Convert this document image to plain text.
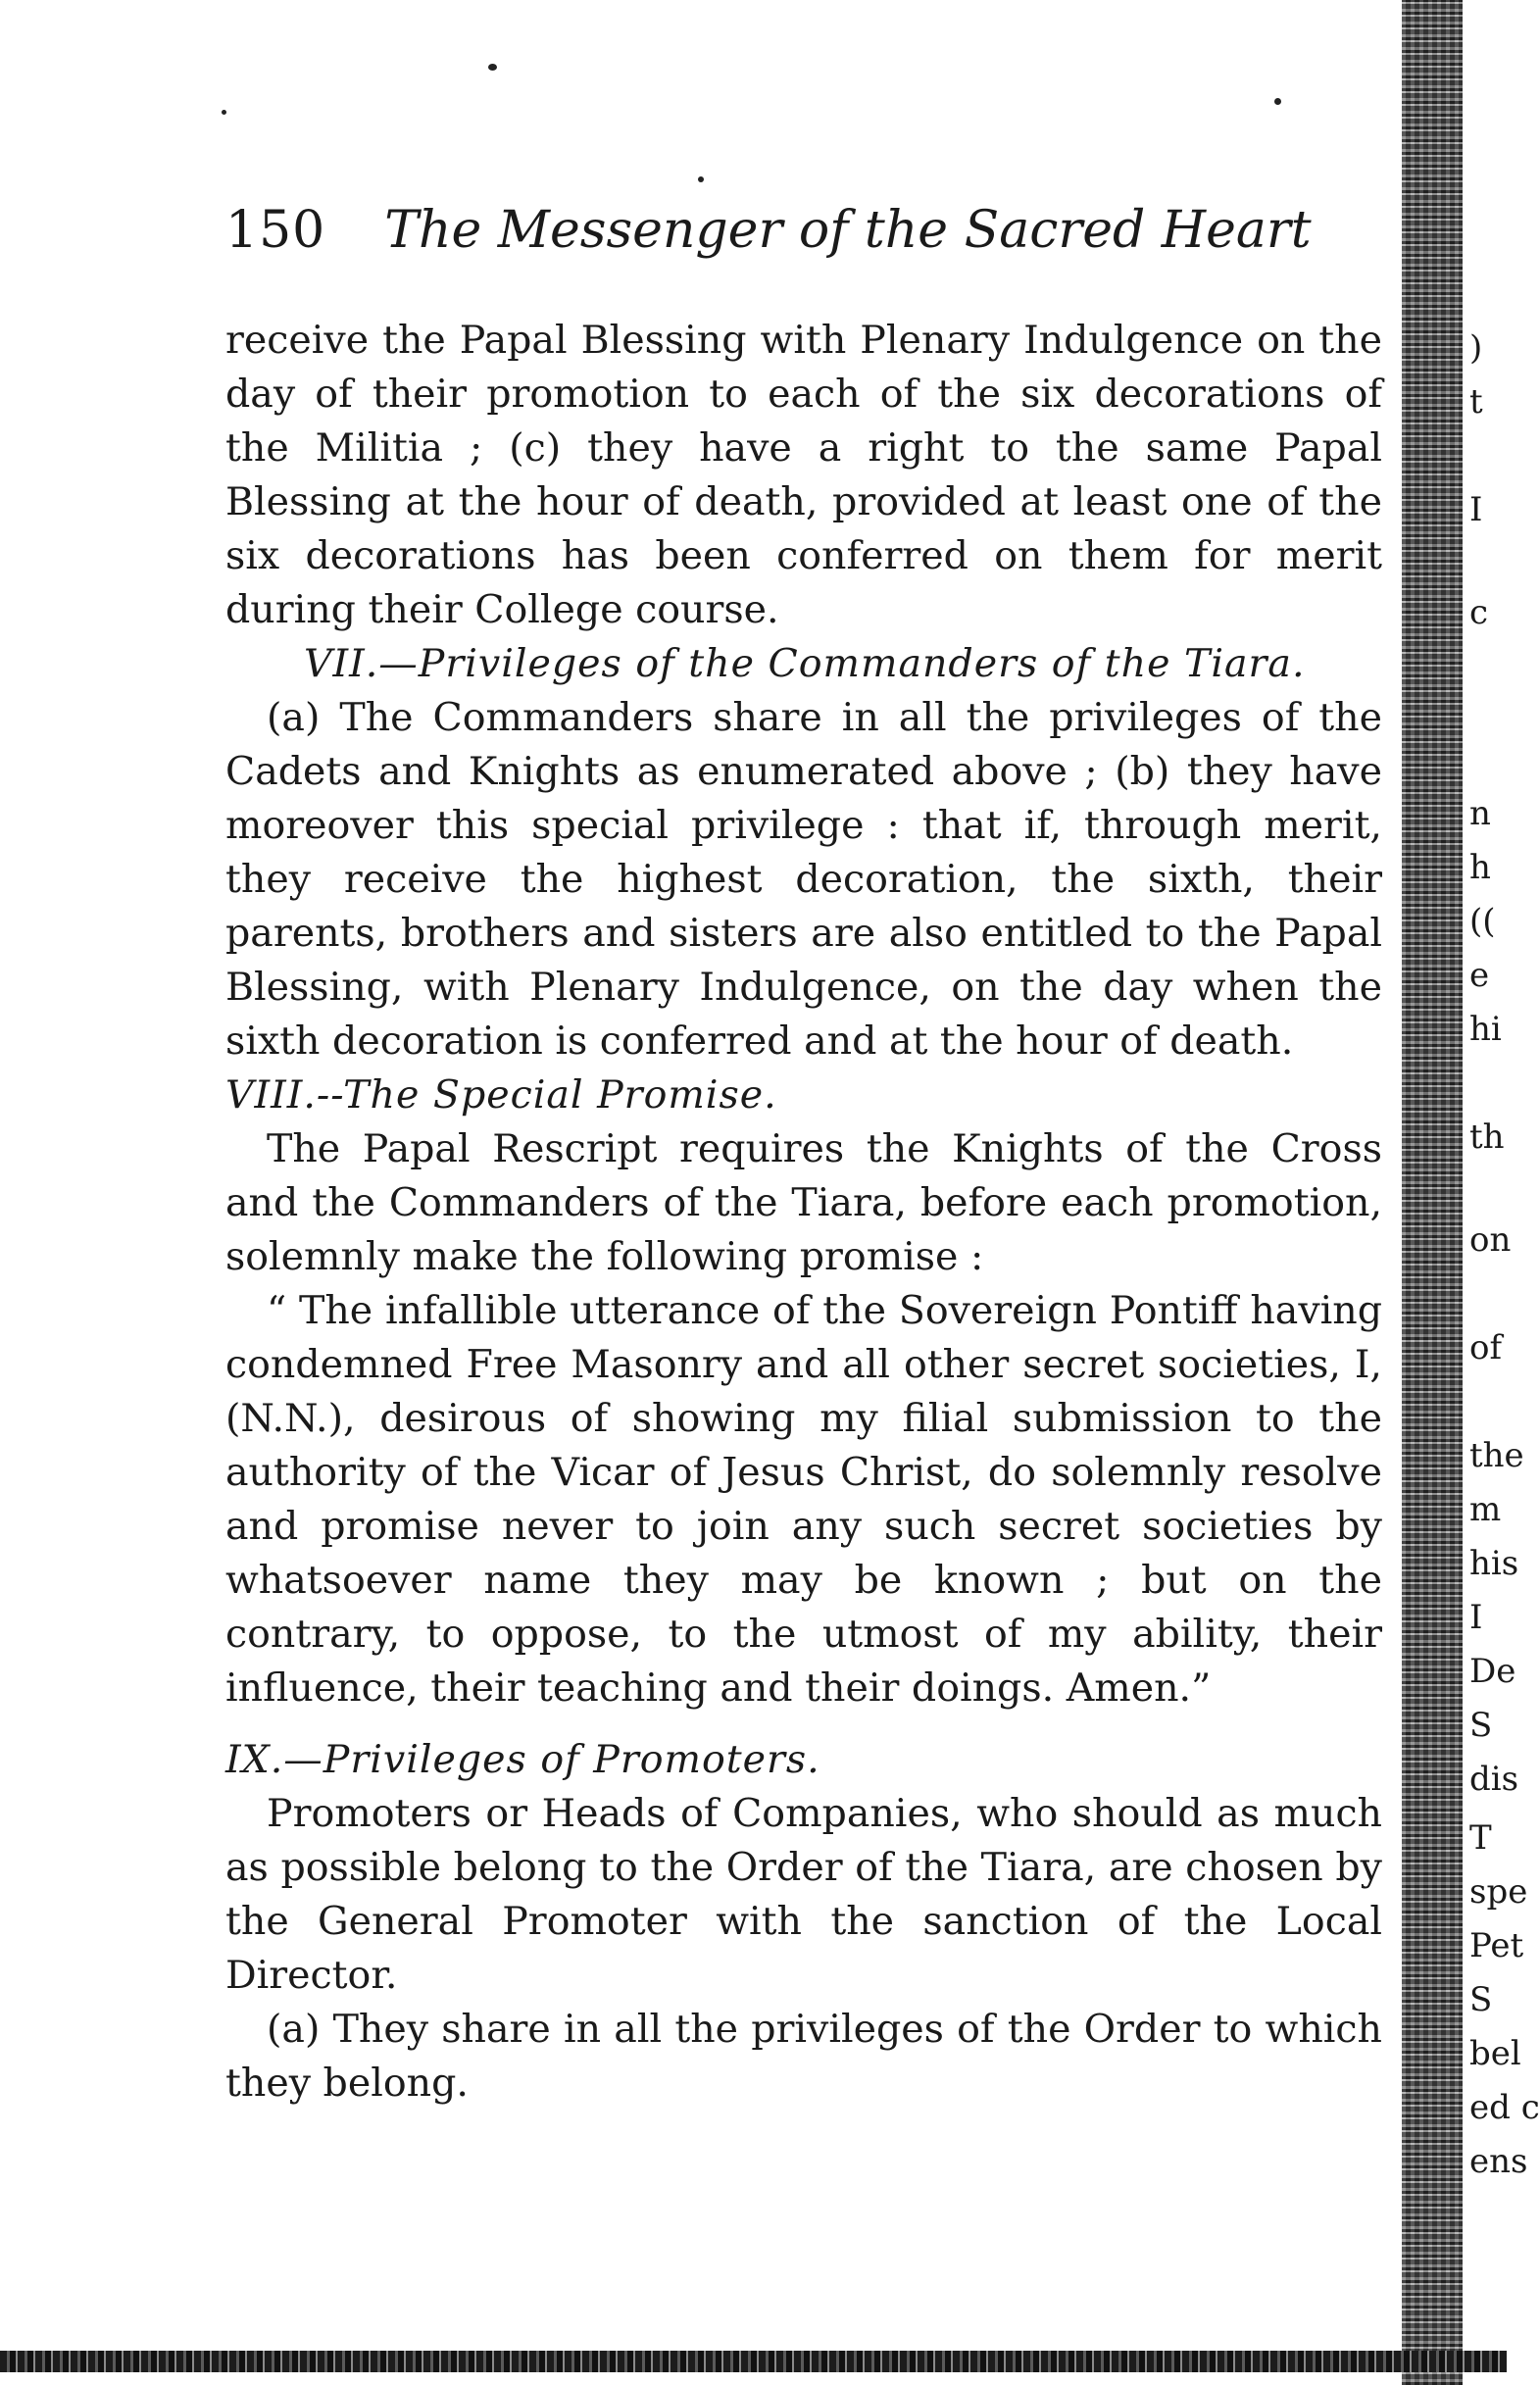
150 The Messenger of the Sacred Heart

receive the Papal Blessing with Plenary Indulgence on the day of their promotion to each of the six decorations of the Militia ; (c) they have a right to the same Papal Blessing at the hour of death, provided at least one of the six decorations has been conferred on them for merit during their College course.

VII.—Privileges of the Commanders of the Tiara.

(a) The Commanders share in all the privileges of the Cadets and Knights as enumerated above ; (b) they have moreover this special privilege : that if, through merit, they receive the highest decoration, the sixth, their parents, brothers and sisters are also entitled to the Papal Blessing, with Plenary Indulgence, on the day when the sixth decoration is conferred and at the hour of death.

VIII.--The Special Promise.

The Papal Rescript requires the Knights of the Cross and the Commanders of the Tiara, before each promotion, solemnly make the following promise :

“ The infallible utterance of the Sovereign Pontiff having condemned Free Masonry and all other secret societies, I, (N.N.), desirous of showing my filial submission to the authority of the Vicar of Jesus Christ, do solemnly resolve and promise never to join any such secret societies by whatsoever name they may be known ; but on the contrary, to oppose, to the utmost of my ability, their influence, their teaching and their doings. Amen.”

IX.—Privileges of Promoters.

Promoters or Heads of Companies, who should as much as possible belong to the Order of the Tiara, are chosen by the General Promoter with the sanction of the Local Director.

(a) They share in all the privileges of the Order to which they belong.

)
t
I
c
n
h
((
e
hi
th
on
of
the
m
his
I
De
S
dis
T
spe
Pet
S
bel
ed c
ens
